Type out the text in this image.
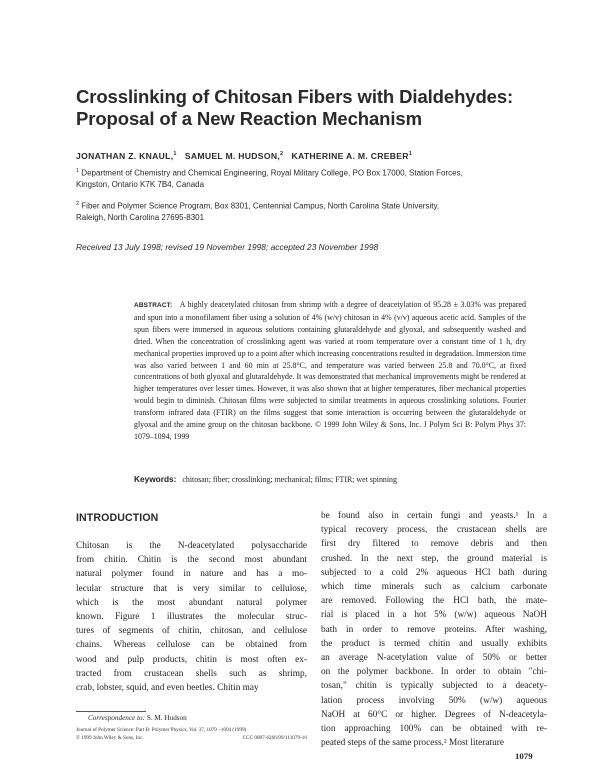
Crosslinking of Chitosan Fibers with Dialdehydes:
Proposal of a New Reaction Mechanism
JONATHAN Z. KNAUL,$^1$ SAMUEL M. HUDSON,$^2$ KATHERINE A. M. CREBER$^1$
$^1$ Department of Chemistry and Chemical Engineering, Royal Military College, PO Box 17000, Station Forces,
Kingston, Ontario K7K 7B4, Canada
$^2$ Fiber and Polymer Science Program, Box 8301, Centennial Campus, North Carolina State University,
Raleigh, North Carolina 27695-8301
Received 13 July 1998; revised 19 November 1998; accepted 23 November 1998
ABSTRACT: A highly deacetylated chitosan from shrimp with a degree of deacetylation of 95.28 ± 3.03% was prepared and spun into a monofilament fiber using a solution of 4% (w/v) chitosan in 4% (v/v) aqueous acetic acid. Samples of the spun fibers were immersed in aqueous solutions containing glutaraldehyde and glyoxal, and subsequently washed and dried. When the concentration of crosslinking agent was varied at room temperature over a constant time of 1 h, dry mechanical properties improved up to a point after which increasing concentrations resulted in degradation. Immersion time was also varied between 1 and 60 min at 25.8°C, and temperature was varied between 25.8 and 70.0°C, at fixed concentrations of both glyoxal and glutaraldehyde. It was demonstrated that mechanical improvements might be rendered at higher temperatures over lesser times. However, it was also shown that at higher temperatures, fiber mechanical properties would begin to diminish. Chitosan films were subjected to similar treatments in aqueous crosslinking solutions. Fourier transform infrared data (FTIR) on the films suggest that some interaction is occurring between the glutaraldehyde or glyoxal and the amine group on the chitosan backbone. © 1999 John Wiley & Sons, Inc. J Polym Sci B: Polym Phys 37: 1079–1094, 1999
Keywords: chitosan; fiber; crosslinking; mechanical; films; FTIR; wet spinning
INTRODUCTION
Chitosan is the N-deacetylated polysaccharide
from chitin. Chitin is the second most abundant
natural polymer found in nature and has a mo-
lecular structure that is very similar to cellulose,
which is the most abundant natural polymer
known. Figure 1 illustrates the molecular struc-
tures of segments of chitin, chitosan, and cellulose
chains. Whereas cellulose can be obtained from
wood and pulp products, chitin is most often ex-
tracted from crustacean shells such as shrimp,
crab, lobster, squid, and even beetles. Chitin may
be found also in certain fungi and yeasts.¹ In a
typical recovery process, the crustacean shells are
first dry filtered to remove debris and then
crushed. In the next step, the ground material is
subjected to a cold 2% aqueous HCl bath during
which time minerals such as calcium carbonate
are removed. Following the HCl bath, the mate-
rial is placed in a hot 5% (w/w) aqueous NaOH
bath in order to remove proteins. After washing,
the product is termed chitin and usually exhibits
an average N-acetylation value of 50% or better
on the polymer backbone. In order to obtain "chi-
tosan," chitin is typically subjected to a deacety-
lation process involving 50% (w/w) aqueous
NaOH at 60°C or higher. Degrees of N-deacetyla-
tion approaching 100% can be obtained with re-
peated steps of the same process.² Most literature
Correspondence to: S. M. Hudson
Journal of Polymer Science: Part B: Polymer Physics, Vol. 37, 1079 –1094 (1999)
© 1999 John Wiley & Sons, Inc.	CCC 0887-6266/99/111079-16
1079
